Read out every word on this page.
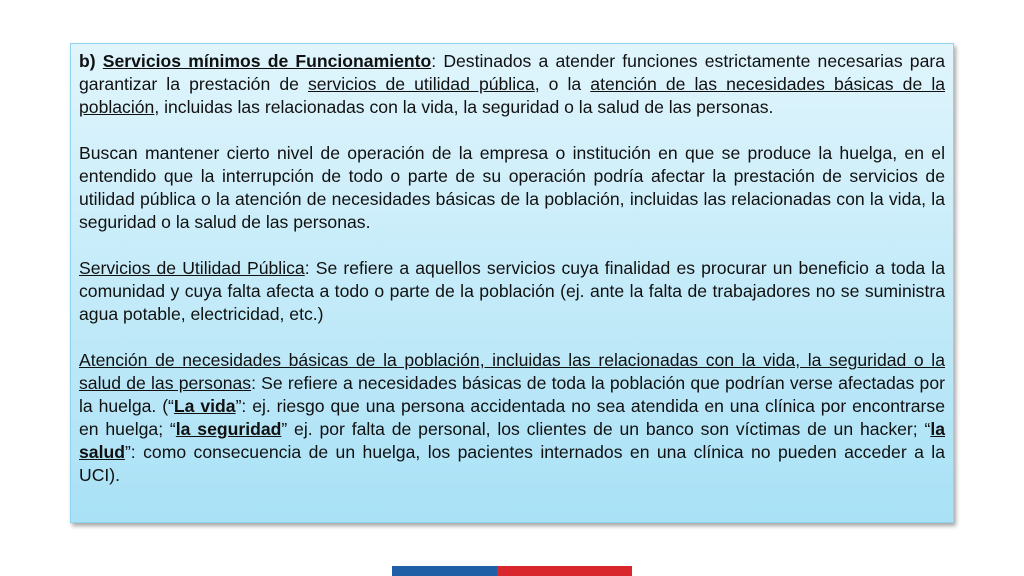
b) Servicios mínimos de Funcionamiento: Destinados a atender funciones estrictamente necesarias para garantizar la prestación de servicios de utilidad pública, o la atención de las necesidades básicas de la población, incluidas las relacionadas con la vida, la seguridad o la salud de las personas.

Buscan mantener cierto nivel de operación de la empresa o institución en que se produce la huelga, en el entendido que la interrupción de todo o parte de su operación podría afectar la prestación de servicios de utilidad pública o la atención de necesidades básicas de la población, incluidas las relacionadas con la vida, la seguridad o la salud de las personas.

Servicios de Utilidad Pública: Se refiere a aquellos servicios cuya finalidad es procurar un beneficio a toda la comunidad y cuya falta afecta a todo o parte de la población (ej. ante la falta de trabajadores no se suministra agua potable, electricidad, etc.)

Atención de necesidades básicas de la población, incluidas las relacionadas con la vida, la seguridad o la salud de las personas: Se refiere a necesidades básicas de toda la población que podrían verse afectadas por la huelga. (“La vida”: ej. riesgo que una persona accidentada no sea atendida en una clínica por encontrarse en huelga; “la seguridad” ej. por falta de personal, los clientes de un banco son víctimas de un hacker; “la salud”: como consecuencia de un huelga, los pacientes internados en una clínica no pueden acceder a la UCI).
